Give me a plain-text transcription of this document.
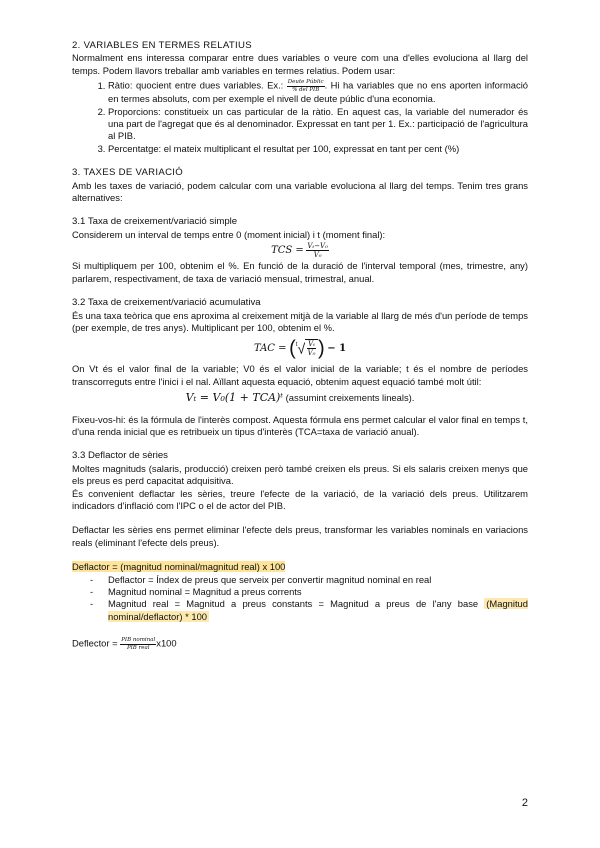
2. VARIABLES EN TERMES RELATIUS

Normalment ens interessa comparar entre dues variables o veure com una d'elles evoluciona al llarg del temps. Podem llavors treballar amb variables en termes relatius. Podem usar:

1. Ràtio: quocient entre dues variables. Ex.: $\frac{\text{Deute Públic}}{\text{\% del PIB}}$ . Hi ha variables que no ens aporten informació en termes absoluts, com per exemple el nivell de deute públic d'una economia.
2. Proporcions: constitueix un cas particular de la ràtio. En aquest cas, la variable del numerador és una part de l'agregat que és al denominador. Expressat en tant per 1. Ex.: participació de l'agricultura al PIB.
3. Percentatge: el mateix multiplicant el resultat per 100, expressat en tant per cent (%)
3. TAXES DE VARIACIÓ

Amb les taxes de variació, podem calcular com una variable evoluciona al llarg del temps. Tenim tres grans alternatives:

3.1 Taxa de creixement/variació simple

Considerem un interval de temps entre 0 (moment inicial) i t (moment final):

TCS = $\frac{\text{Vₜ−V₀}}{\text{V₀}}$

Si multipliquem per 100, obtenim el %. En funció de la duració de l'interval temporal (mes, trimestre, any) parlarem, respectivament, de taxa de variació mensual, trimestral, anual.

3.2 Taxa de creixement/variació acumulativa

És una taxa teòrica que ens aproxima al creixement mitjà de la variable al llarg de més d'un període de temps (per exemple, de tres anys). Multiplicant per 100, obtenim el %.

TAC = ($^t√ \frac{\text{Vₜ}}{\text{V₀}}$ ) − 1

On Vt és el valor final de la variable; V0 és el valor inicial de la variable; t és el nombre de períodes transcorreguts entre l'inici i el nal. Aïllant aquesta equació, obtenim aquest equació també molt útil:

Vₜ = V₀(1 + TCA)ᵗ (assumint creixements lineals).

Fixeu-vos-hi: és la fórmula de l'interès compost. Aquesta fórmula ens permet calcular el valor final en temps t, d'una renda inicial que es retribueix un tipus d'interès (TCA=taxa de variació anual).

3.3 Deflactor de sèries

Moltes magnituds (salaris, producció) creixen però també creixen els preus. Si els salaris creixen menys que els preus es perd capacitat adquisitiva.

És convenient deflactar les sèries, treure l'efecte de la variació, de la variació dels preus. Utilitzarem indicadors d'inflació com l'IPC o el de actor del PIB.

Deflactar les sèries ens permet eliminar l'efecte dels preus, transformar les variables nominals en variacions reals (eliminant l'efecte dels preus).

Deflactor = (magnitud nominal/magnitud real) x 100

- Deflactor = Índex de preus que serveix per convertir magnitud nominal en real
- Magnitud nominal = Magnitud a preus corrents
- Magnitud real = Magnitud a preus constants = Magnitud a preus de l'any base (Magnitud nominal/deflactor) * 100
Deflector = $\frac{\text{PIB nominal}}{\text{PIB real}} x100$
2
